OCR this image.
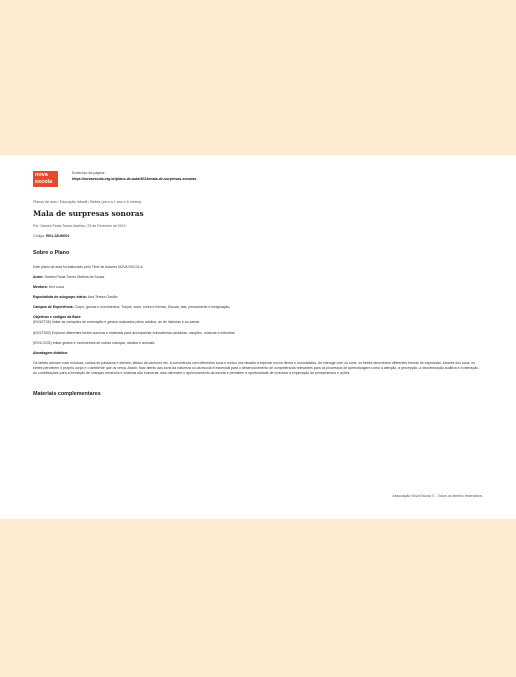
nova
escola
Endereço da página:
https://novaescola.org.br/plano-de-aula/4024/mala-de-surpresas-sonoras
Planos de aula / Educação Infantil / Bebês (zero a 1 ano e 6 meses)
Mala de surpresas sonoras
Por: Samira Paula Torres Martins / 23 de Fevereiro de 2019
Código: EI01-18UN004
Sobre o Plano
Este plano de aula foi elaborado pelo Time de Autores NOVA ESCOLA
Autor: Samira Paula Torres Martins de Souza
Mentora: Keli Lucia
Especialista de subgrupo etário: Ana Tereza Gavião
Campos de Experiência: Corpo, gestos e movimentos; Traços, sons, cores e formas; Escuta, fala, pensamento e imaginação.
Objetivos e códigos da Base
(EI01ET05) Imitar as variações de entonação e gestos realizados pelos adultos, ao ler histórias e ao cantar.
(EI01TS03) Explorar diferentes fontes sonoras e materiais para acompanhar brincadeiras cantadas, canções, músicas e melodias.
(EI01CG03) Imitar gestos e movimentos de outras crianças, adultos e animais.
Abordagem didática:
Os bebês adoram ouvir músicas, cantos de pássaros e sirenes, latidos de cachorro etc. A convivência com diferentes sons e ruídos nos desafia a explorar novos ritmos e sonoridades. Ao interagir com os sons, os bebês descobrem diferentes formas de expressão. Através dos sons, os bebês percebem o próprio corpo e o ambiente que os cerca. Assim, ficar atento aos sons da natureza ou da escola é essencial para o desenvolvimento de competências relevantes para os processos de aprendizagem como a atenção, a percepção, a discriminação auditiva e a interação. As contribuições para a formação de crianças sensíveis e criativas são inúmeras: elas oferecem o aprimoramento da escuta e permitem a oportunidade de vivenciar a exploração de pensamentos e ações.
Materiais complementares
Associação Nova Escola © - Todos os direitos reservados.
